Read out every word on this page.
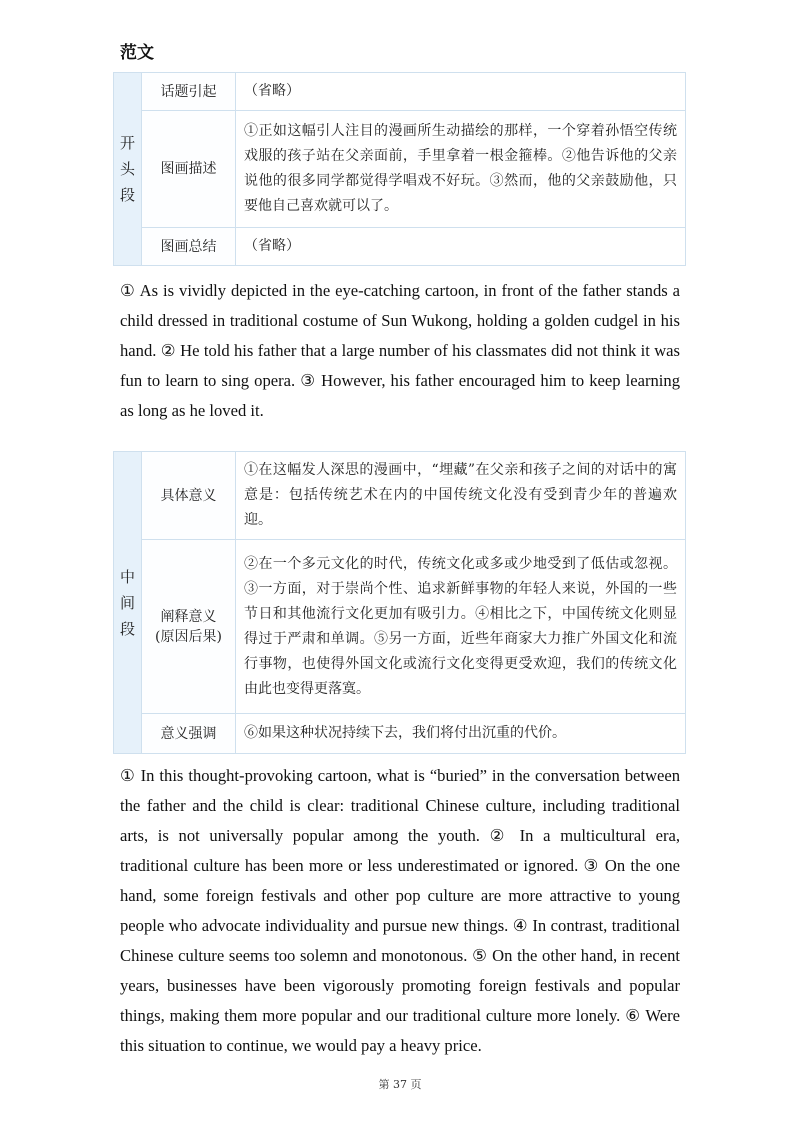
范文
开
头
段	话题引起	（省略）
	图画描述	①正如这幅引人注目的漫画所生动描绘的那样，一个穿着孙悟空传统戏服的孩子站在父亲面前，手里拿着一根金箍棒。②他告诉他的父亲说他的很多同学都觉得学唱戏不好玩。③然而，他的父亲鼓励他，只要他自己喜欢就可以了。
	图画总结	（省略）
① As is vividly depicted in the eye-catching cartoon, in front of the father stands a child dressed in traditional costume of Sun Wukong, holding a golden cudgel in his hand. ② He told his father that a large number of his classmates did not think it was fun to learn to sing opera. ③ However, his father encouraged him to keep learning as long as he loved it.
中
间
段	具体意义	①在这幅发人深思的漫画中，“埋藏”在父亲和孩子之间的对话中的寓意是：包括传统艺术在内的中国传统文化没有受到青少年的普遍欢迎。

	阐释意义
(原因后果)	②在一个多元文化的时代，传统文化或多或少地受到了低估或忽视。③一方面，对于崇尚个性、追求新鲜事物的年轻人来说，外国的一些节日和其他流行文化更加有吸引力。④相比之下，中国传统文化则显得过于严肃和单调。⑤另一方面，近些年商家大力推广外国文化和流行事物，也使得外国文化或流行文化变得更受欢迎，我们的传统文化由此也变得更落寞。
	意义强调	⑥如果这种状况持续下去，我们将付出沉重的代价。
① In this thought-provoking cartoon, what is “buried” in the conversation between the father and the child is clear: traditional Chinese culture, including traditional arts, is not universally popular among the youth. ② In a multicultural era, traditional culture has been more or less underestimated or ignored. ③ On the one hand, some foreign festivals and other pop culture are more attractive to young people who advocate individuality and pursue new things. ④ In contrast, traditional Chinese culture seems too solemn and monotonous. ⑤ On the other hand, in recent years, businesses have been vigorously promoting foreign festivals and popular things, making them more popular and our traditional culture more lonely. ⑥ Were this situation to continue, we would pay a heavy price.
第 37 页
